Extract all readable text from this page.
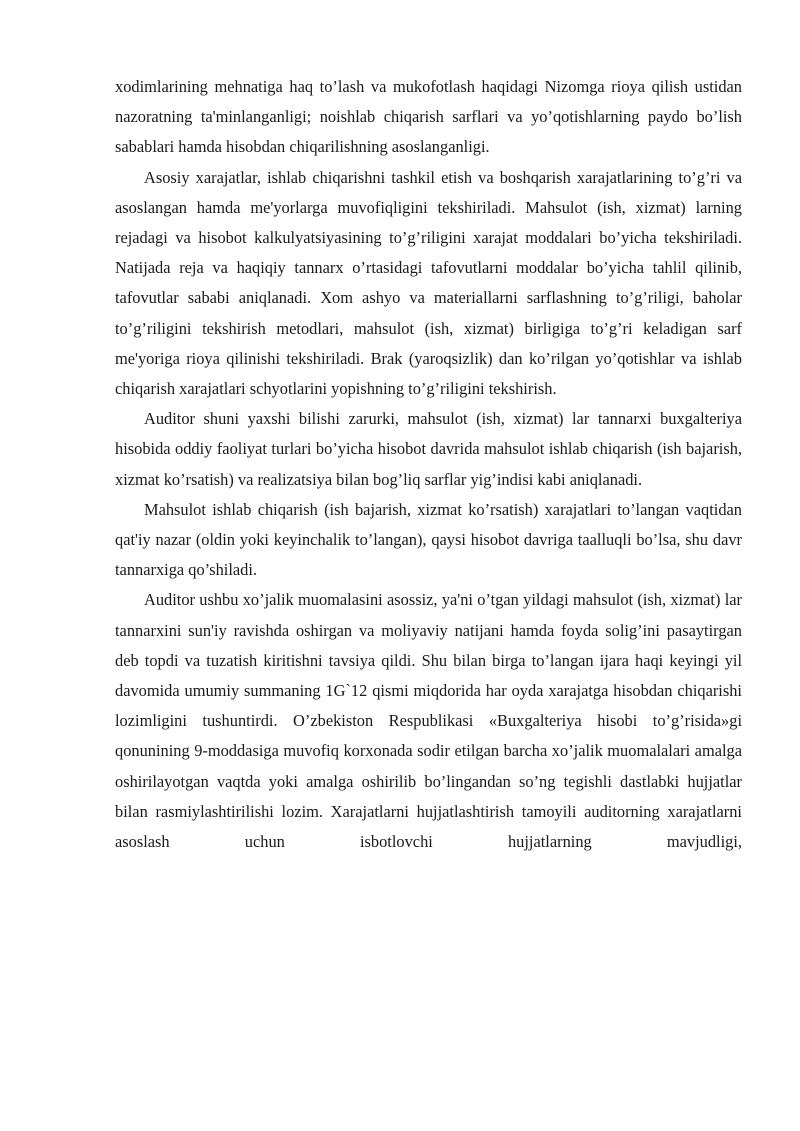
xodimlarining mehnatiga haq to’lash va mukofotlash haqidagi Nizomga rioya qilish ustidan nazoratning ta'minlanganligi; noishlab chiqarish sarflari va yo’qotishlarning paydo bo’lish sabablari hamda hisobdan chiqarilishning asoslanganligi.

Asosiy xarajatlar, ishlab chiqarishni tashkil etish va boshqarish xarajatlarining to’g’ri va asoslangan hamda me'yorlarga muvofiqligini tekshiriladi. Mahsulot (ish, xizmat) larning rejadagi va hisobot kalkulyatsiyasining to’g’riligini xarajat moddalari bo’yicha tekshiriladi. Natijada reja va haqiqiy tannarx o’rtasidagi tafovutlarni moddalar bo’yicha tahlil qilinib, tafovutlar sababi aniqlanadi. Xom ashyo va materiallarni sarflashning to’g’riligi, baholar to’g’riligini tekshirish metodlari, mahsulot (ish, xizmat) birligiga to’g’ri keladigan sarf me'yoriga rioya qilinishi tekshiriladi. Brak (yaroqsizlik) dan ko’rilgan yo’qotishlar va ishlab chiqarish xarajatlari schyotlarini yopishning to’g’riligini tekshirish.

Auditor shuni yaxshi bilishi zarurki, mahsulot (ish, xizmat) lar tannarxi buxgalteriya hisobida oddiy faoliyat turlari bo’yicha hisobot davrida mahsulot ishlab chiqarish (ish bajarish, xizmat ko’rsatish) va realizatsiya bilan bog’liq sarflar yig’indisi kabi aniqlanadi.

Mahsulot ishlab chiqarish (ish bajarish, xizmat ko’rsatish) xarajatlari to’langan vaqtidan qat'iy nazar (oldin yoki keyinchalik to’langan), qaysi hisobot davriga taalluqli bo’lsa, shu davr tannarxiga qo’shiladi.

Auditor ushbu xo’jalik muomalasini asossiz, ya'ni o’tgan yildagi mahsulot (ish, xizmat) lar tannarxini sun'iy ravishda oshirgan va moliyaviy natijani hamda foyda solig’ini pasaytirgan deb topdi va tuzatish kiritishni tavsiya qildi. Shu bilan birga to’langan ijara haqi keyingi yil davomida umumiy summaning 1G`12 qismi miqdorida har oyda xarajatga hisobdan chiqarishi lozimligini tushuntirdi. O’zbekiston Respublikasi «Buxgalteriya hisobi to’g’risida»gi qonunining 9-moddasiga muvofiq korxonada sodir etilgan barcha xo’jalik muomalalari amalga oshirilayotgan vaqtda yoki amalga oshirilib bo’lingandan so’ng tegishli dastlabki hujjatlar bilan rasmiylashtirilishi lozim. Xarajatlarni hujjatlashtirish tamoyili auditorning xarajatlarni asoslash uchun isbotlovchi hujjatlarning mavjudligi,
